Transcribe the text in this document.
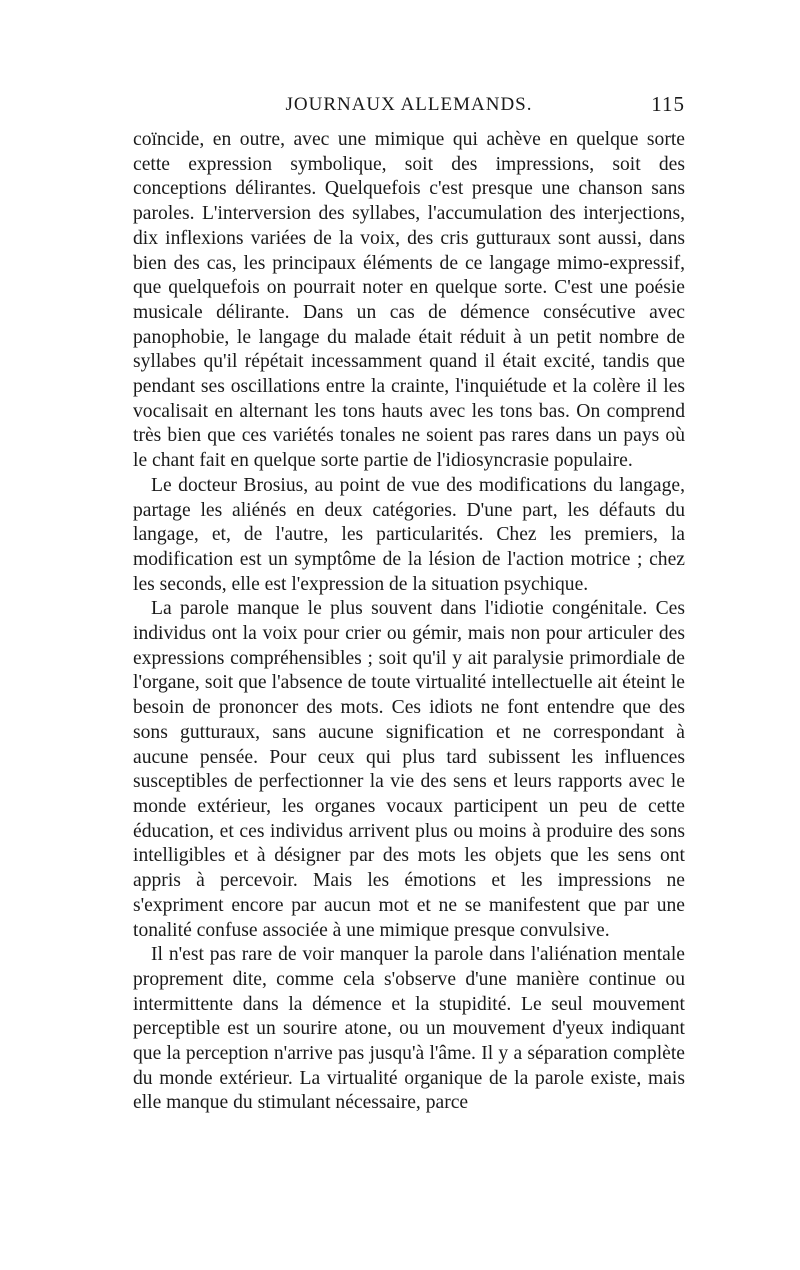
JOURNAUX ALLEMANDS.	115

coïncide, en outre, avec une mimique qui achève en quelque sorte cette expression symbolique, soit des impressions, soit des conceptions délirantes. Quelquefois c'est presque une chanson sans paroles. L'interversion des syllabes, l'accumulation des interjections, dix inflexions variées de la voix, des cris gutturaux sont aussi, dans bien des cas, les principaux éléments de ce langage mimo-expressif, que quelquefois on pourrait noter en quelque sorte. C'est une poésie musicale délirante. Dans un cas de démence consécutive avec panophobie, le langage du malade était réduit à un petit nombre de syllabes qu'il répétait incessamment quand il était excité, tandis que pendant ses oscillations entre la crainte, l'inquiétude et la colère il les vocalisait en alternant les tons hauts avec les tons bas. On comprend très bien que ces variétés tonales ne soient pas rares dans un pays où le chant fait en quelque sorte partie de l'idiosyncrasie populaire.

Le docteur Brosius, au point de vue des modifications du langage, partage les aliénés en deux catégories. D'une part, les défauts du langage, et, de l'autre, les particularités. Chez les premiers, la modification est un symptôme de la lésion de l'action motrice ; chez les seconds, elle est l'expression de la situation psychique.

La parole manque le plus souvent dans l'idiotie congénitale. Ces individus ont la voix pour crier ou gémir, mais non pour articuler des expressions compréhensibles ; soit qu'il y ait paralysie primordiale de l'organe, soit que l'absence de toute virtualité intellectuelle ait éteint le besoin de prononcer des mots. Ces idiots ne font entendre que des sons gutturaux, sans aucune signification et ne correspondant à aucune pensée. Pour ceux qui plus tard subissent les influences susceptibles de perfectionner la vie des sens et leurs rapports avec le monde extérieur, les organes vocaux participent un peu de cette éducation, et ces individus arrivent plus ou moins à produire des sons intelligibles et à désigner par des mots les objets que les sens ont appris à percevoir. Mais les émotions et les impressions ne s'expriment encore par aucun mot et ne se manifestent que par une tonalité confuse associée à une mimique presque convulsive.

Il n'est pas rare de voir manquer la parole dans l'aliénation mentale proprement dite, comme cela s'observe d'une manière continue ou intermittente dans la démence et la stupidité. Le seul mouvement perceptible est un sourire atone, ou un mouvement d'yeux indiquant que la perception n'arrive pas jusqu'à l'âme. Il y a séparation complète du monde extérieur. La virtualité organique de la parole existe, mais elle manque du stimulant nécessaire, parce
